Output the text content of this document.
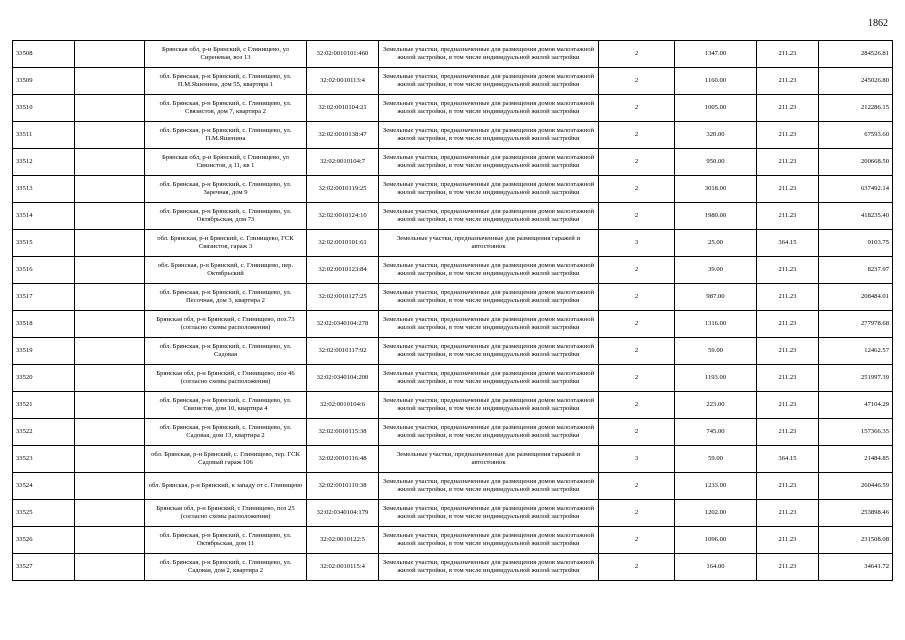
1862
33508		Брянская обл, р-н Брянский, с Глинищево, ул Сиреневая, воз 13	32:02:0010101:460	Земельные участки, предназначенные для размещения домов малоэтажной жилой застройки, в том числе индивидуальной жилой застройки	2	1347.00	211.23	284526.81
33509		обл. Брянская, р-н Брянский, с. Глинищево, ул. П.М.Яшенина, дом 55, квартира 1	32:02:0010113:4	Земельные участки, предназначенные для размещения домов малоэтажной жилой застройки, в том числе индивидуальной жилой застройки	2	1160.00	211.23	245026.80
33510		обл. Брянская, р-н Брянский, с. Глинищево, ул. Связистов, дом 7, квартира 2	32:02:0010104:21	Земельные участки, предназначенные для размещения домов малоэтажной жилой застройки, в том числе индивидуальной жилой застройки	2	1005.00	211.23	212286.15
33511		обл. Брянская, р-н Брянский, с. Глинищево, ул. П.М.Яшенина	32:02:0010138:47	Земельные участки, предназначенные для размещения домов малоэтажной жилой застройки, в том числе индивидуальной жилой застройки	2	320.00	211.23	67593.60
33512		Брянская обл, р-н Брянский, с Глинищево, ул Связистов, д 11, кв 1	32:02:0010104:7	Земельные участки, предназначенные для размещения домов малоэтажной жилой застройки, в том числе индивидуальной жилой застройки	2	950.00	211.23	200668.50
33513		обл. Брянская, р-н Брянский, с. Глинищево, ул. Заречная, дом 9	32:02:0010119:25	Земельные участки, предназначенные для размещения домов малоэтажной жилой застройки, в том числе индивидуальной жилой застройки	2	3018.00	211.23	637492.14
33514		обл. Брянская, р-н Брянский, с. Глинищево, ул. Октябрьская, дом 73	32:02:0010124:10	Земельные участки, предназначенные для размещения домов малоэтажной жилой застройки, в том числе индивидуальной жилой застройки	2	1980.00	211.23	418235.40
33515		обл. Брянская, р-н Брянский, с. Глинищево, ГСК Связистов, гараж 3	32:02:0010101:61	Земельные участки, предназначенные для размещения гаражей и автостоянок	3	25.00	364.15	9103.75
33516		обл. Брянская, р-н Брянский, с. Глинищево, пер. Октябрьский	32:02:0010123:84	Земельные участки, предназначенные для размещения домов малоэтажной жилой застройки, в том числе индивидуальной жилой застройки	2	39.00	211.23	8237.97
33517		обл. Брянская, р-н Брянский, с. Глинищево, ул. Песочная, дом 3, квартира 2	32:02:0010127:25	Земельные участки, предназначенные для размещения домов малоэтажной жилой застройки, в том числе индивидуальной жилой застройки	2	987.00	211.23	208484.01
33518		Брянская обл, р-н Брянский, с Глинищево, поз.73 (согласно схемы расположения)	32:02:0340104:278	Земельные участки, предназначенные для размещения домов малоэтажной жилой застройки, в том числе индивидуальной жилой застройки	2	1316.00	211.23	277978.68
33519		обл. Брянская, р-н Брянский, с. Глинищево, ул. Садовая	32:02:0010117:92	Земельные участки, предназначенные для размещения домов малоэтажной жилой застройки, в том числе индивидуальной жилой застройки	2	59.00	211.23	12462.57
33520		Брянская обл, р-н Брянский, с Глинищево, поз 46 (согласно схемы расположения)	32:02:0340104:200	Земельные участки, предназначенные для размещения домов малоэтажной жилой застройки, в том числе индивидуальной жилой застройки	2	1193.00	211.23	251997.39
33521		обл. Брянская, р-н Брянский, с. Глинищево, ул. Связистов, дом 10, квартира 4	32:02:0010104:6	Земельные участки, предназначенные для размещения домов малоэтажной жилой застройки, в том числе индивидуальной жилой застройки	2	223.00	211.23	47104.29
33522		обл. Брянская, р-н Брянский, с. Глинищево, ул. Садовая, дом 13, квартира 2	32:02:0010115:38	Земельные участки, предназначенные для размещения домов малоэтажной жилой застройки, в том числе индивидуальной жилой застройки	2	745.00	211.23	157366.35
33523		обл. Брянская, р-н Брянский, с. Глинищево, тер. ГСК Садовый гараж 106	32:02:0010116:48	Земельные участки, предназначенные для размещения гаражей и автостоянок	3	59.00	364.15	21484.85
33524		обл. Брянская, р-н Брянский, к западу от с. Глинищево	32:02:0010110:38	Земельные участки, предназначенные для размещения домов малоэтажной жилой застройки, в том числе индивидуальной жилой застройки	2	1233.00	211.23	260446.59
33525		Брянская обл, р-н Брянский, с Глинищево, поз 25 (согласно схемы расположения)	32:02:0340104:179	Земельные участки, предназначенные для размещения домов малоэтажной жилой застройки, в том числе индивидуальной жилой застройки	2	1202.00	211.23	253898.46
33526		обл. Брянская, р-н Брянский, с. Глинищево, ул. Октябрьская, дом 11	32:02:0010122:5	Земельные участки, предназначенные для размещения домов малоэтажной жилой застройки, в том числе индивидуальной жилой застройки	2	1096.00	211.23	231508.08
33527		обл. Брянская, р-н Брянский, с. Глинищево, ул. Садовая, дом 2, квартира 2	32:02:0010115:4	Земельные участки, предназначенные для размещения домов малоэтажной жилой застройки, в том числе индивидуальной жилой застройки	2	164.00	211.23	34641.72
